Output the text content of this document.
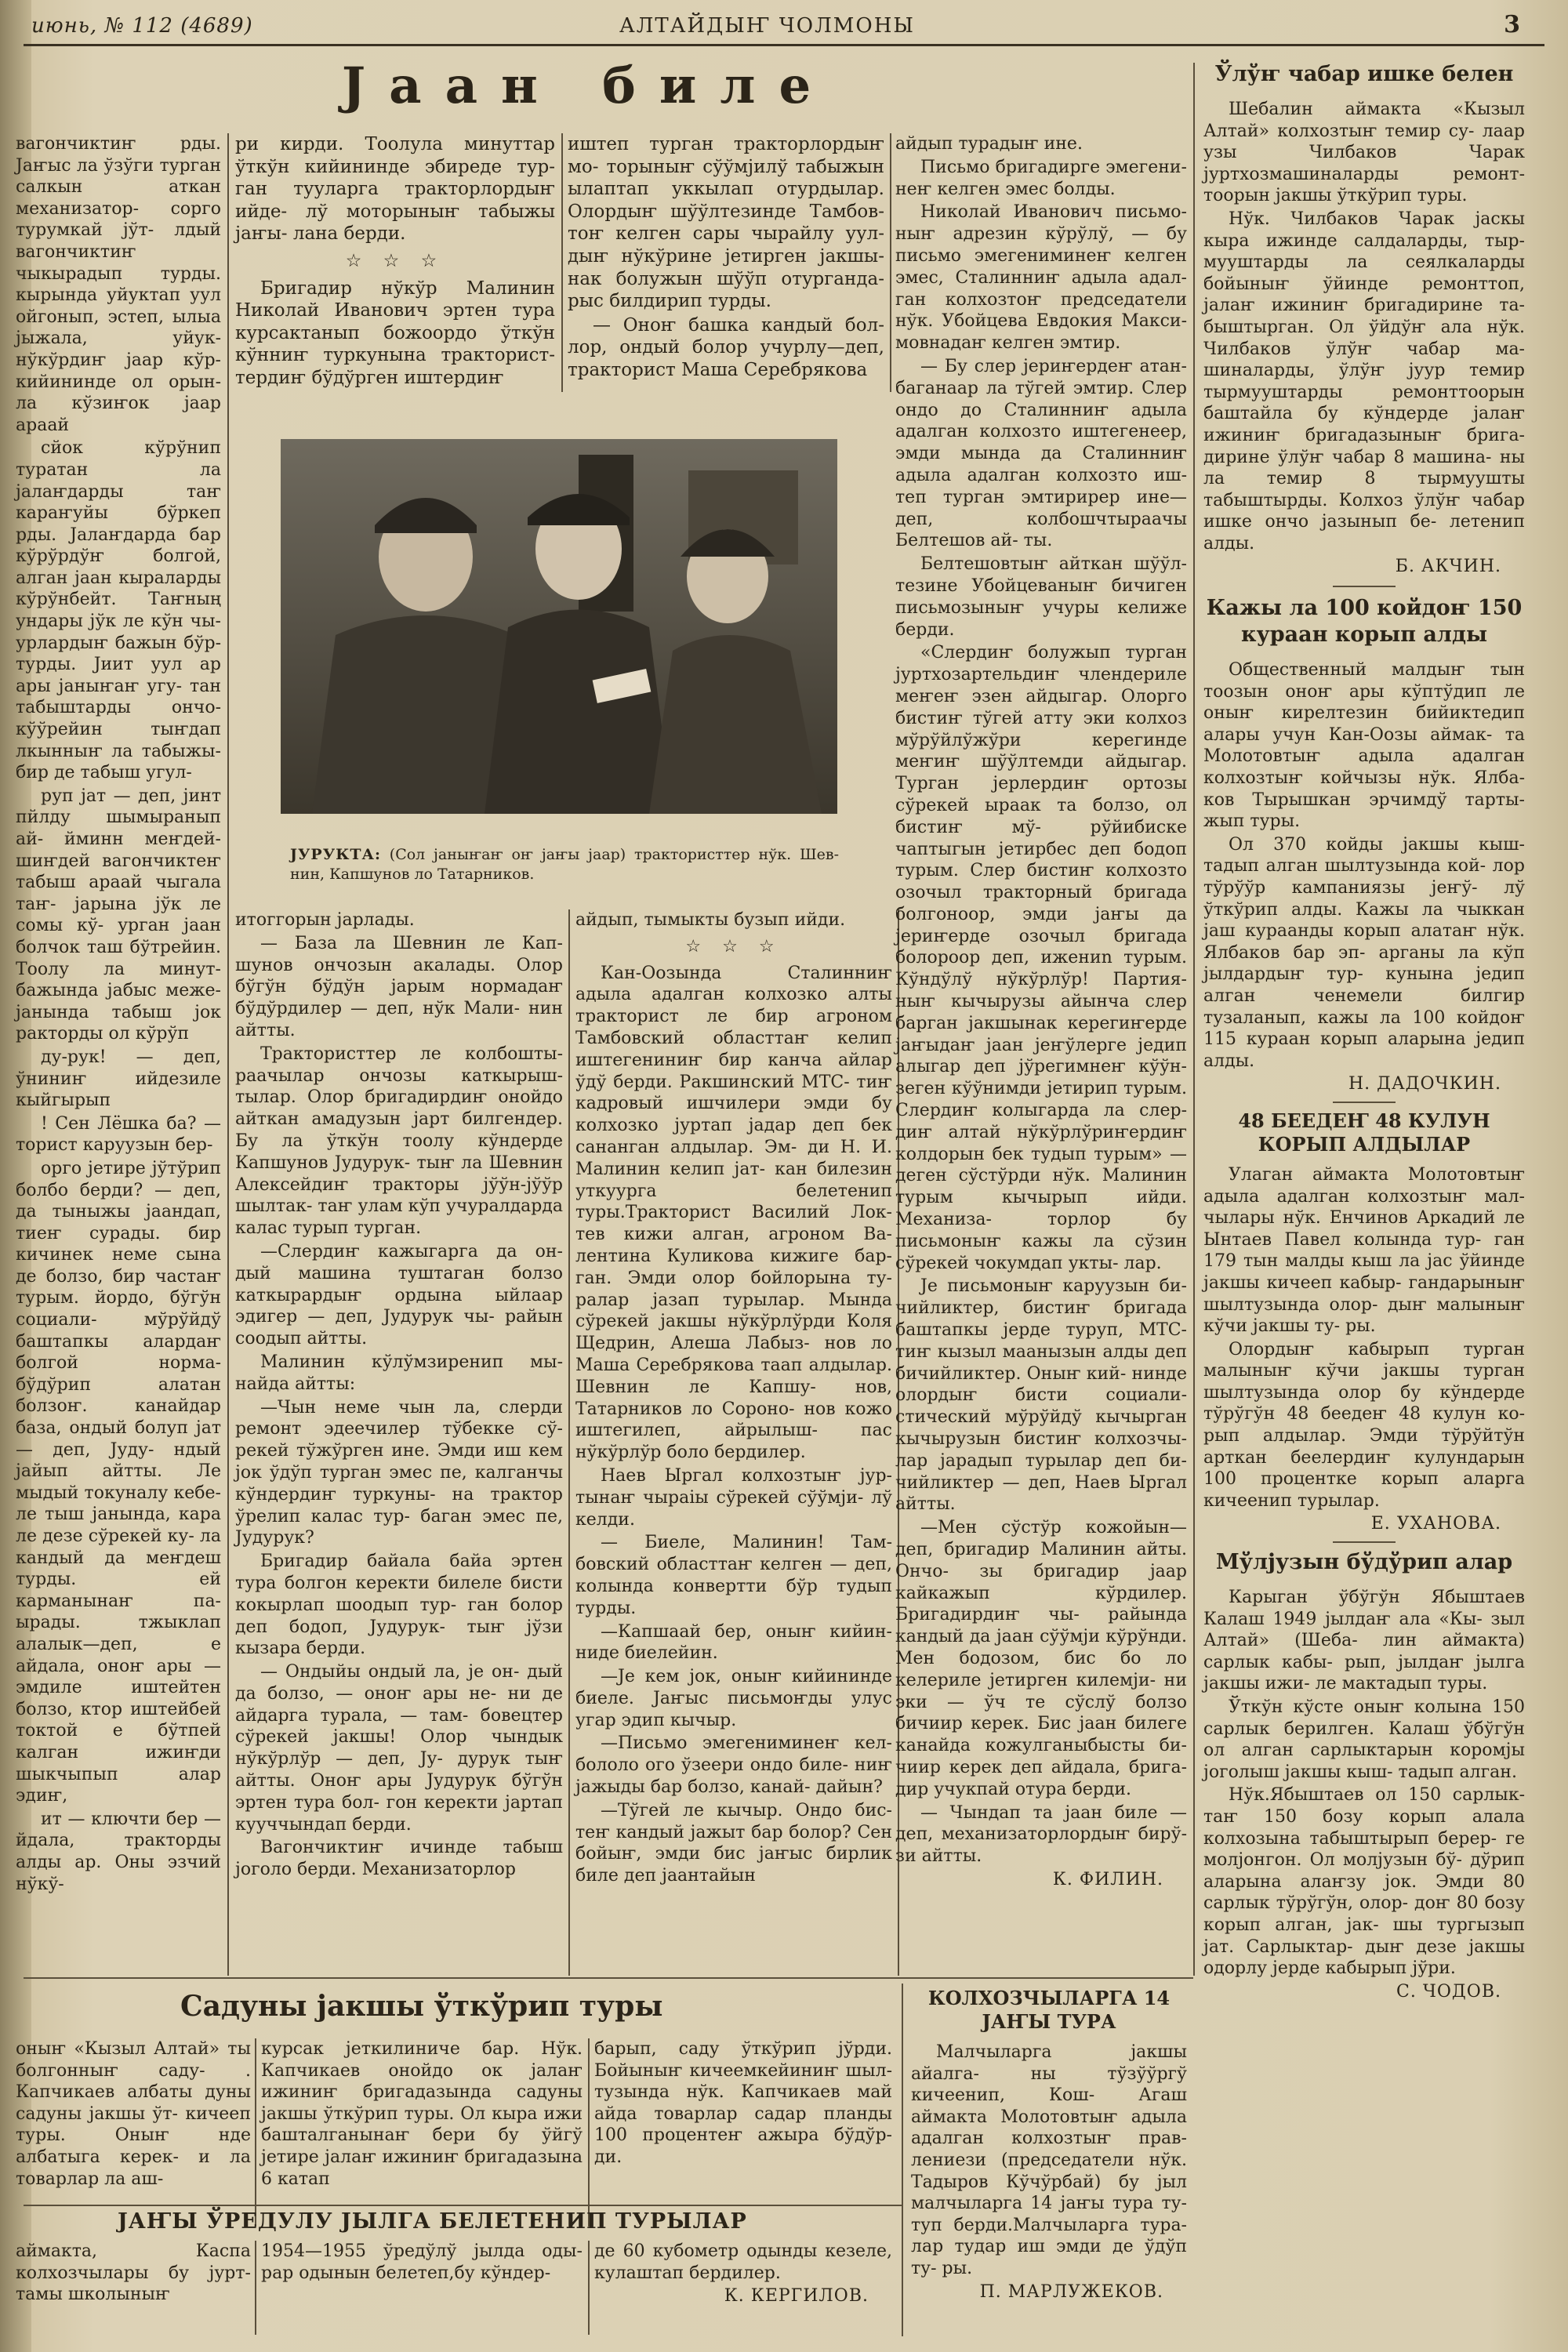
июнь, № 112 (4689)	АЛТАЙДЫҤ ЧОЛМОНЫ	3
Јаан биле

вагончиктиҥ рды. Јаҥыс ла ўзўги турган салкын аткан механизатор- сорго турумкай јўт- лдый вагончиктиҥ чыкырадып турды. кырында уйуктап уул ойгонып, эстеп, ылыа јыжала, уйук- нўкўрдиҥ јаар кўр- кийининде ол орын- ла кўзиҥок јаар араай

сйок кўрўнип туратан ла јалаҥдарды таҥ караҥуйы бўркеп рды. Јалаҥдарда бар кўрўрдўҥ болгой, алган јаан кыраларды кўрўнбейт. Таҥның ундары јўк ле кўн чы- урлардыҥ бажын бўр- турды. Јиит уул ар ары јаныҥаҥ угу- тан табыштарды ончо- кўўрейин тыҥдап лкынныҥ ла табыжы- бир де табыш угул-

руп јат — деп, јинт пйлду шымыранып ай- йминн меҥдей-шиҥдей вагончиктеҥ табыш араай чыгала таҥ- јарына јўк ле сомы кў- урган јаан болчок таш бўтрейин. Тоолу ла минут- бажында јабыс меже- јанында табыш јок ракторды ол кўрўп

ду-рук! — деп, ўниниҥ ийдезиле кыйгырып

! Сен Лёшка ба? — торист каруузын бер-

орго јетире јўтўрип болбо берди? — деп, да тыныжы јаандап, тиеҥ сурады. бир кичинек неме сына де болзо, бир частаҥ турым. йордо, бўгўн социали- мўрўйдў баштапкы алардаҥ болгой норма- бўдўрип алатан болзоҥ. канайдар база, ондый болуп јат — деп, Јуду- ндый јайып айтты. Ле мыдый токуналу кебе- ле тыш јанында, кара ле дезе сўрекей ку- ла кандый да меҥдеш турды. ей карманынаҥ па- ырады. тжыклап алалык—деп, е айдала, оноҥ ары — эмдиле иштейтен болзо, ктор иштейбей токтой е бўтпей калган ижиҥди шыкчыпып алар эдиҥ,

ит — ключти бер — йдала, тракторды алды ар. Оны эзчий нўкў-

ри кирди. Тоолула минуттар ўткўн кийининде эбиреде тур- ган тууларга тракторлордыҥ ийде- лў моторыныҥ табыжы јаҥы- лана берди.

☆ ☆ ☆

Бригадир нўкўр Малинин Николай Иванович эртен тура курсактанып божоордо ўткўн кўнниҥ туркунына тракторист- тердиҥ бўдўрген иштердиҥ

иштеп турган тракторлордыҥ мо- торыныҥ сўўмјилў табыжын ылаптап уккылап отурдылар. Олордыҥ шўўлтезинде Тамбов- тоҥ келген сары чырайлу уул- дыҥ нўкўрине јетирген јакшы- нак болужын шўўп отурганда- рыс билдирип турды.

— Оноҥ башка кандый бол- лор, ондый болор учурлу—деп, тракторист Маша Серебрякова

айдып турадыҥ ине.

Письмо бригадирге эмегени- неҥ келген эмес болды.

Николай Иванович письмо- ныҥ адрезин кўрўлў, — бу письмо эмегениминеҥ келген эмес, Сталинниҥ адыла адал- ган колхозтоҥ председатели нўк. Убойцева Евдокия Макси- мовнадаҥ келген эмтир.

— Бу слер јериҥердеҥ атан- баганаар ла тўгей эмтир. Слер ондо до Сталинниҥ адыла адалган колхозто иштегенеер, эмди мында да Сталинниҥ адыла адалган колхозто иш- теп турган эмтирирер ине—деп, колбошчтыраачы Белтешов ай- ты.

Белтешовтыҥ айткан шўўл- тезине Убойцеваныҥ бичиген письмозыныҥ учуры келиже берди.

«Слердиҥ болужып турган јуртхозартельдиҥ члендериле меҥеҥ эзен айдыгар. Олорго бистиҥ тўгей атту эки колхоз мўрўйлўжўри керегинде меҥиҥ шўўлтемди айдыгар. Турган јерлердиҥ ортозы сўрекей ыраак та болзо, ол бистиҥ мў- рўйибиске чаптыгын јетирбес деп бодоп турым. Слер бистиҥ колхозто озочыл тракторный бригада болгоноор, эмди јаҥы да јериҥерде озочыл бригада болороор деп, ижениn турым. Кўндўлў нўкўрлўр! Партия- ныҥ кычырузы айынча слер барган јакшынак керегиҥерде јаҥыдаҥ јаан јеҥўлерге једип алыгар деп јўрегимнеҥ кўўн- зеген кўўнимди јетирип турым. Слердиҥ колыгарда ла слер- диҥ алтай нўкўрлўриҥердиҥ колдорын бек тудып турым» —деген сўстўрди нўк. Малинин турым кычырып ийди. Механиза- торлор бу письмоныҥ кажы ла сўзин сўрекей чокумдап укты- лар.

Је письмоныҥ каруузын би- чийликтер, бистиҥ бригада баштапкы јерде туруп, МТС- тиҥ кызыл маанызын алды деп бичийликтер. Оныҥ кий- нинде олордыҥ бисти социали- стический мўрўйдў кычырган кычырузын бистиҥ колхозчы- лар јарадып турылар деп би- чийликтер — деп, Наев Ыргал айтты.

—Мен сўстўр кожойын—деп, бригадир Малинин айты. Ончо- зы бригадир јаар кайкажып кўрдилер. Бригадирдиҥ чы- райында кандый да јаан сўўмји кўрўнди. Мен бодозом, бис бо ло келериле јетирген килемји- ни эки — ўч те сўслў болзо бичииp керек. Бис јаан билеге канайда кожулганыбысты би- чиир керек деп айдала, бригa- дир учукпай отура берди.

— Чындап та јаан биле — деп, механизаторлордыҥ бирў- зи айтты.

К. ФИЛИН.

ЈУРУКТА: (Сол јаныҥаҥ оҥ јаҥы јаар) трактористтер нўк. Шев- нин, Капшунов ло Татарников.

итоггорын јарлады.

— База ла Шевнин ле Кап- шунов ончозын акалады. Олор бўгўн бўдўн јарым нормадаҥ бўдўрдилер — деп, нўк Мали- нин айтты.

Трактористтер ле колбошты- раачылар ончозы каткырыш- тылар. Олор бригадирдиҥ онойдо айткан амадузын јарт билгендер. Бу ла ўткўн тоолу кўндерде Капшунов Јудурук- тыҥ ла Шевнин Алексейдиҥ тракторы јўўн-јўўр шылтак- таҥ улам кўп учуралдарда калас турып турган.

—Слердиҥ кажыгарга да он- дый машина туштаган болзо каткырардыҥ ордына ыйлаар эдигер — деп, Јудурук чы- райын соодып айтты.

Малинин кўлўмзиренип мы- найда айтты:

—Чын неме чын ла, слерди ремонт эдеечилер тўбекке сў- рекей тўжўрген ине. Эмди иш кем јок ўдўп турган эмес пе, калганчы кўндердиҥ туркуны- на трактор ўрелип калас тур- баган эмес пе, Јудурук?

Бригадир байала байа эртен тура болгон керекти билеле бисти кокырлап шоодып тур- ган болор деп бодоп, Јудурук- тыҥ јўзи кызара берди.

— Ондыйы ондый ла, је он- дый да болзо, — оноҥ ары не- ни де айдарга турала, — там- бовецтер сўрекей јакшы! Олор чындык нўкўрлўр — деп, Ју- дурук тыҥ айтты. Оноҥ ары Јудурук бўгўн эртен тура бол- гон керекти јартап кууччындап берди.

Вагончиктиҥ ичинде табыш јоголо берди. Механизаторлор

айдып, тымыкты бузып ийди.

☆ ☆ ☆

Кан-Оозында Сталинниҥ адыла адалган колхозко алты тракторист ле бир агроном Тамбовский областтаҥ келип иштегениниҥ бир канча айлар ўдў берди. Ракшинский МТС- тиҥ кадровый ишчилери эмди бу колхозко јуртап јадар деп бек сананган алдылар. Эм- ди Н. И. Малинин келип јат- кан билезин уткуурга белетенип туры.Тракторист Василий Лок- тев кижи алган, агроном Ва- лентина Куликова кижиге бар- ган. Эмди олор бойлорына ту- ралар јазап турылар. Мында сўрекей јакшы нўкўрлўрди Коля Щедрин, Алеша Лабыз- нов ло Маша Серебрякова таап алдылар. Шевнин ле Капшу- нов, Татарников ло Сороно- нов кожо иштегилеп, айрылыш- пас нўкўрлўр боло бердилер.

Наев Ыргал колхозтыҥ јур- тынаҥ чыраiы сўрекей сўўмји- лў келди.

— Биеле, Малинин! Там- бовский областтаҥ келген — деп, колында конвертти бўр тудып турды.

—Капшаай бер, оныҥ кийин- ниде биелейин.

—Је кем јок, оныҥ кийининде биеле. Јаҥыс письмоҥды улус угар эдип кычыр.

—Письмо эмегениминеҥ кел- бололо ого ўзеери ондо биле- ниҥ јажыды бар болзо, канай- дайын?

—Тўгей ле кычыр. Ондо бис- теҥ кандый јажыт бар болор? Сен бойыҥ, эмди бис јаҥыс бирлик биле деп јаантайын

Ўлўҥ чабар ишке белен

Шебалин аймакта «Кызыл Алтай» колхозтыҥ темир су- лаар узы Чилбаков Чарак јуртхозмашиналарды ремонт- тоорын јакшы ўткўрип туры.

Нўк. Чилбаков Чарак јаскы кыра ижинде салдаларды, тыр- мууштарды ла сеялкаларды бойыныҥ ўйинде ремонттоп, јалаҥ ижиниҥ бригадирине та- быштырган. Ол ўйдўҥ ала нўк. Чилбаков ўлўҥ чабар ма- шиналарды, ўлўҥ јуур темир тырмууштарды ремонттоорын баштайла бу кўндерде јалаҥ ижиниҥ бригадазыныҥ бригa- дирине ўлўҥ чабар 8 машина- ны ла темир 8 тырмуушты табыштырды. Колхоз ўлўҥ чабар ишке ончо јазынып бе- летенип алды.

Б. АКЧИН.

Кажы ла 100 койдоҥ 150 кураан корып алды

Общественный малдыҥ тын тоозын оноҥ ары кўптўдип ле оныҥ кирелтезин бийиктедип алары учун Кан-Оозы аймак- та Молотовтыҥ адыла адалган колхозтыҥ койчызы нўк. Ялба- ков Тырышкан эрчимдў тарты- жып туры.

Ол 370 койды јакшы кыш- тадып алган шылтузында кой- лор тўрўўр кампаниязы јеҥў- лў ўткўрип алды. Кажы ла чыккан јаш кураанды корып алатаҥ нўк. Ялбаков бар эп- арганы ла кўп јылдардыҥ тур- кунына једип алган ченемели билгир тузаланып, кажы ла 100 койдоҥ 115 кураан корып аларына једип алды.

Н. ДАДОЧКИН.

48 БЕЕДЕҤ 48 КУЛУН КОРЫП АЛДЫЛАР

Улаган аймакта Молотовтыҥ адыла адалган колхозтыҥ мал- чылары нўк. Енчинов Аркадий ле Ынтаев Павел колында тур- ган 179 тын малды кыш ла јас ўйинде јакшы кичееп кабыр- гандарыныҥ шылтузында олор- дыҥ малыныҥ кўчи јакшы ту- ры.

Олордыҥ кабырып турган малыныҥ кўчи јакшы турган шылтузында олор бу кўндерде тўрўгўн 48 беедеҥ 48 кулун ко- рып алдылар. Эмди тўрўйтўн арткан беелердиҥ кулундарын 100 процентке корып аларга кичеенип турылар.

Е. УХАНОВА.

Мўлјузын бўдўрип алар

Карыган ўбўгўн Ябыштаев Калаш 1949 јылдаҥ ала «Кы- зыл Алтай» (Шеба- лин аймакта) сарлык кабы- рып, јылдаҥ јылга јакшы ижи- ле мактадып туры.

Ўткўн кўсте оныҥ колына 150 сарлык берилген. Калаш ўбўгўн ол алган сарлыктарын коромјы јоголыш јакшы кыш- тадып алган.

Нўк.Ябыштаев ол 150 сарлык- таҥ 150 бозу корып алала колхозына табыштырып берер- ге молјонгон. Ол молјузын бў- дўрип аларына алаҥзу јок. Эмди 80 сарлык тўрўгўн, олор- доҥ 80 бозу корып алган, јак- шы тургызып јат. Сарлыктар- дыҥ дезе јакшы одорлу јерде кабырып јўри.

С. ЧОДОВ.

Садуны јакшы ўткўрип туры

оныҥ «Кызыл Алтай» ты болгонныҥ саду- . Капчикаев албаты дуны садуны јакшы ўт- кичееп туры. Оныҥ нде албатыга керек- и ла товарлар ла аш-

курсак јеткилиниче бар. Нўк. Капчикаев онойдо ок јалаҥ ижиниҥ бригадазында садуны јакшы ўткўрип туры. Ол кыра ижи башталганынаҥ бери бу ўйгў јетире јалаҥ ижиниҥ бригадазына 6 катап

барып, саду ўткўрип јўрди. Бойыныҥ кичеемкейиниҥ шыл- тузында нўк. Капчикаев май айда товарлар садар планды 100 процентеҥ ажыра бўдўр- ди.

ЈАҤЫ ЎРЕДУЛУ ЈЫЛГА БЕЛЕТЕНИП ТУРЫЛАР

аймакта, Каспа колхозчылары бу јурт- тамы школыныҥ

1954—1955 ўредўлў јылда оды- рар одынын белетеп,бу кўндер-

де 60 кубометр одынды кезеле, кулаштап бердилер.

К. КЕРГИЛОВ.

КОЛХОЗЧЫЛАРГА 14 ЈАҤЫ ТУРА

Малчыларга јакшы айалга- ны тўзўўргў кичеенип, Кош- Агаш аймакта Молотовтыҥ адыла адалган колхозтыҥ прав- лениези (председатели нўк. Тадыров Кўчўрбай) бу јыл малчыларга 14 јаҥы тура ту- туп берди.Малчыларга тура- лар тудар иш эмди де ўдўп ту- ры.

П. МАРЛУЖЕКОВ.
